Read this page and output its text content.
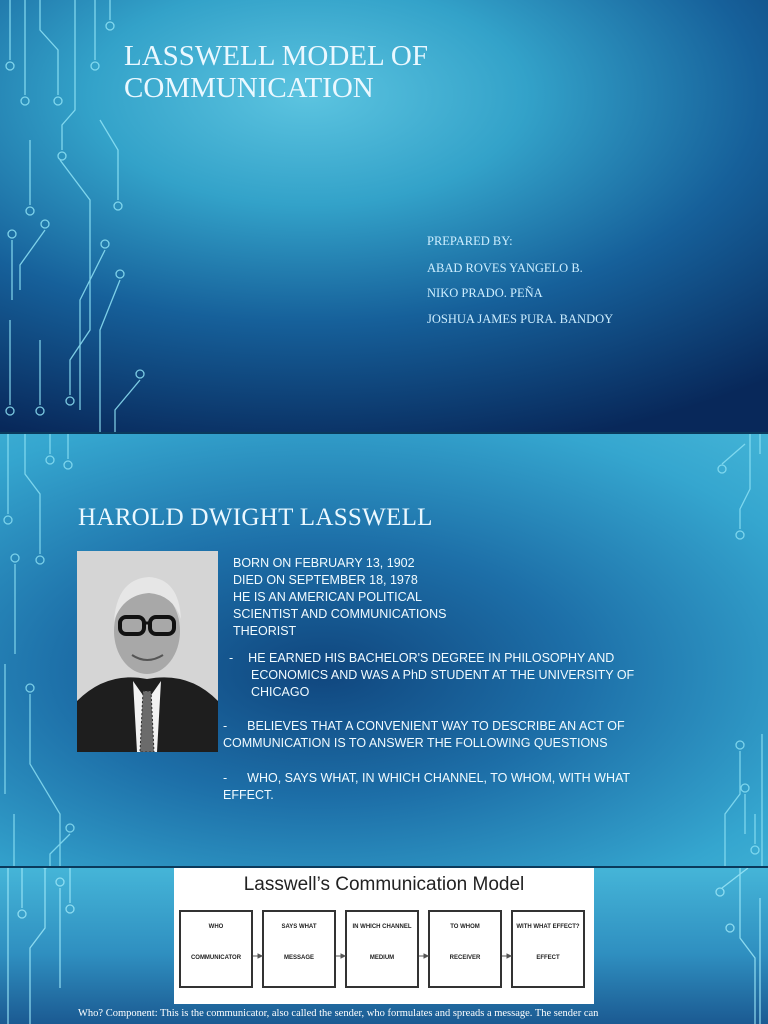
LASSWELL MODEL OF
COMMUNICATION
PREPARED BY:
ABAD ROVES YANGELO B.
NIKO PRADO. PEÑA
JOSHUA JAMES PURA. BANDOY
HAROLD DWIGHT LASSWELL
BORN ON FEBRUARY 13, 1902
DIED ON SEPTEMBER 18, 1978
HE IS AN AMERICAN POLITICAL
SCIENTIST AND COMMUNICATIONS
THEORIST
- HE EARNED HIS BACHELOR'S DEGREE IN PHILOSOPHY AND
ECONOMICS AND WAS A PhD STUDENT AT THE UNIVERSITY OF
CHICAGO
- BELIEVES THAT A CONVENIENT WAY TO DESCRIBE AN ACT OF
COMMUNICATION IS TO ANSWER THE FOLLOWING QUESTIONS
- WHO, SAYS WHAT, IN WHICH CHANNEL, TO WHOM, WITH WHAT
EFFECT.
Lasswell’s Communication Model
WHO
COMMUNICATOR
SAYS WHAT
MESSAGE
IN WHICH CHANNEL
MEDIUM
TO WHOM
RECEIVER
WITH WHAT EFFECT?
EFFECT
Who? Component: This is the communicator, also called the sender, who formulates and spreads a message. The sender can
